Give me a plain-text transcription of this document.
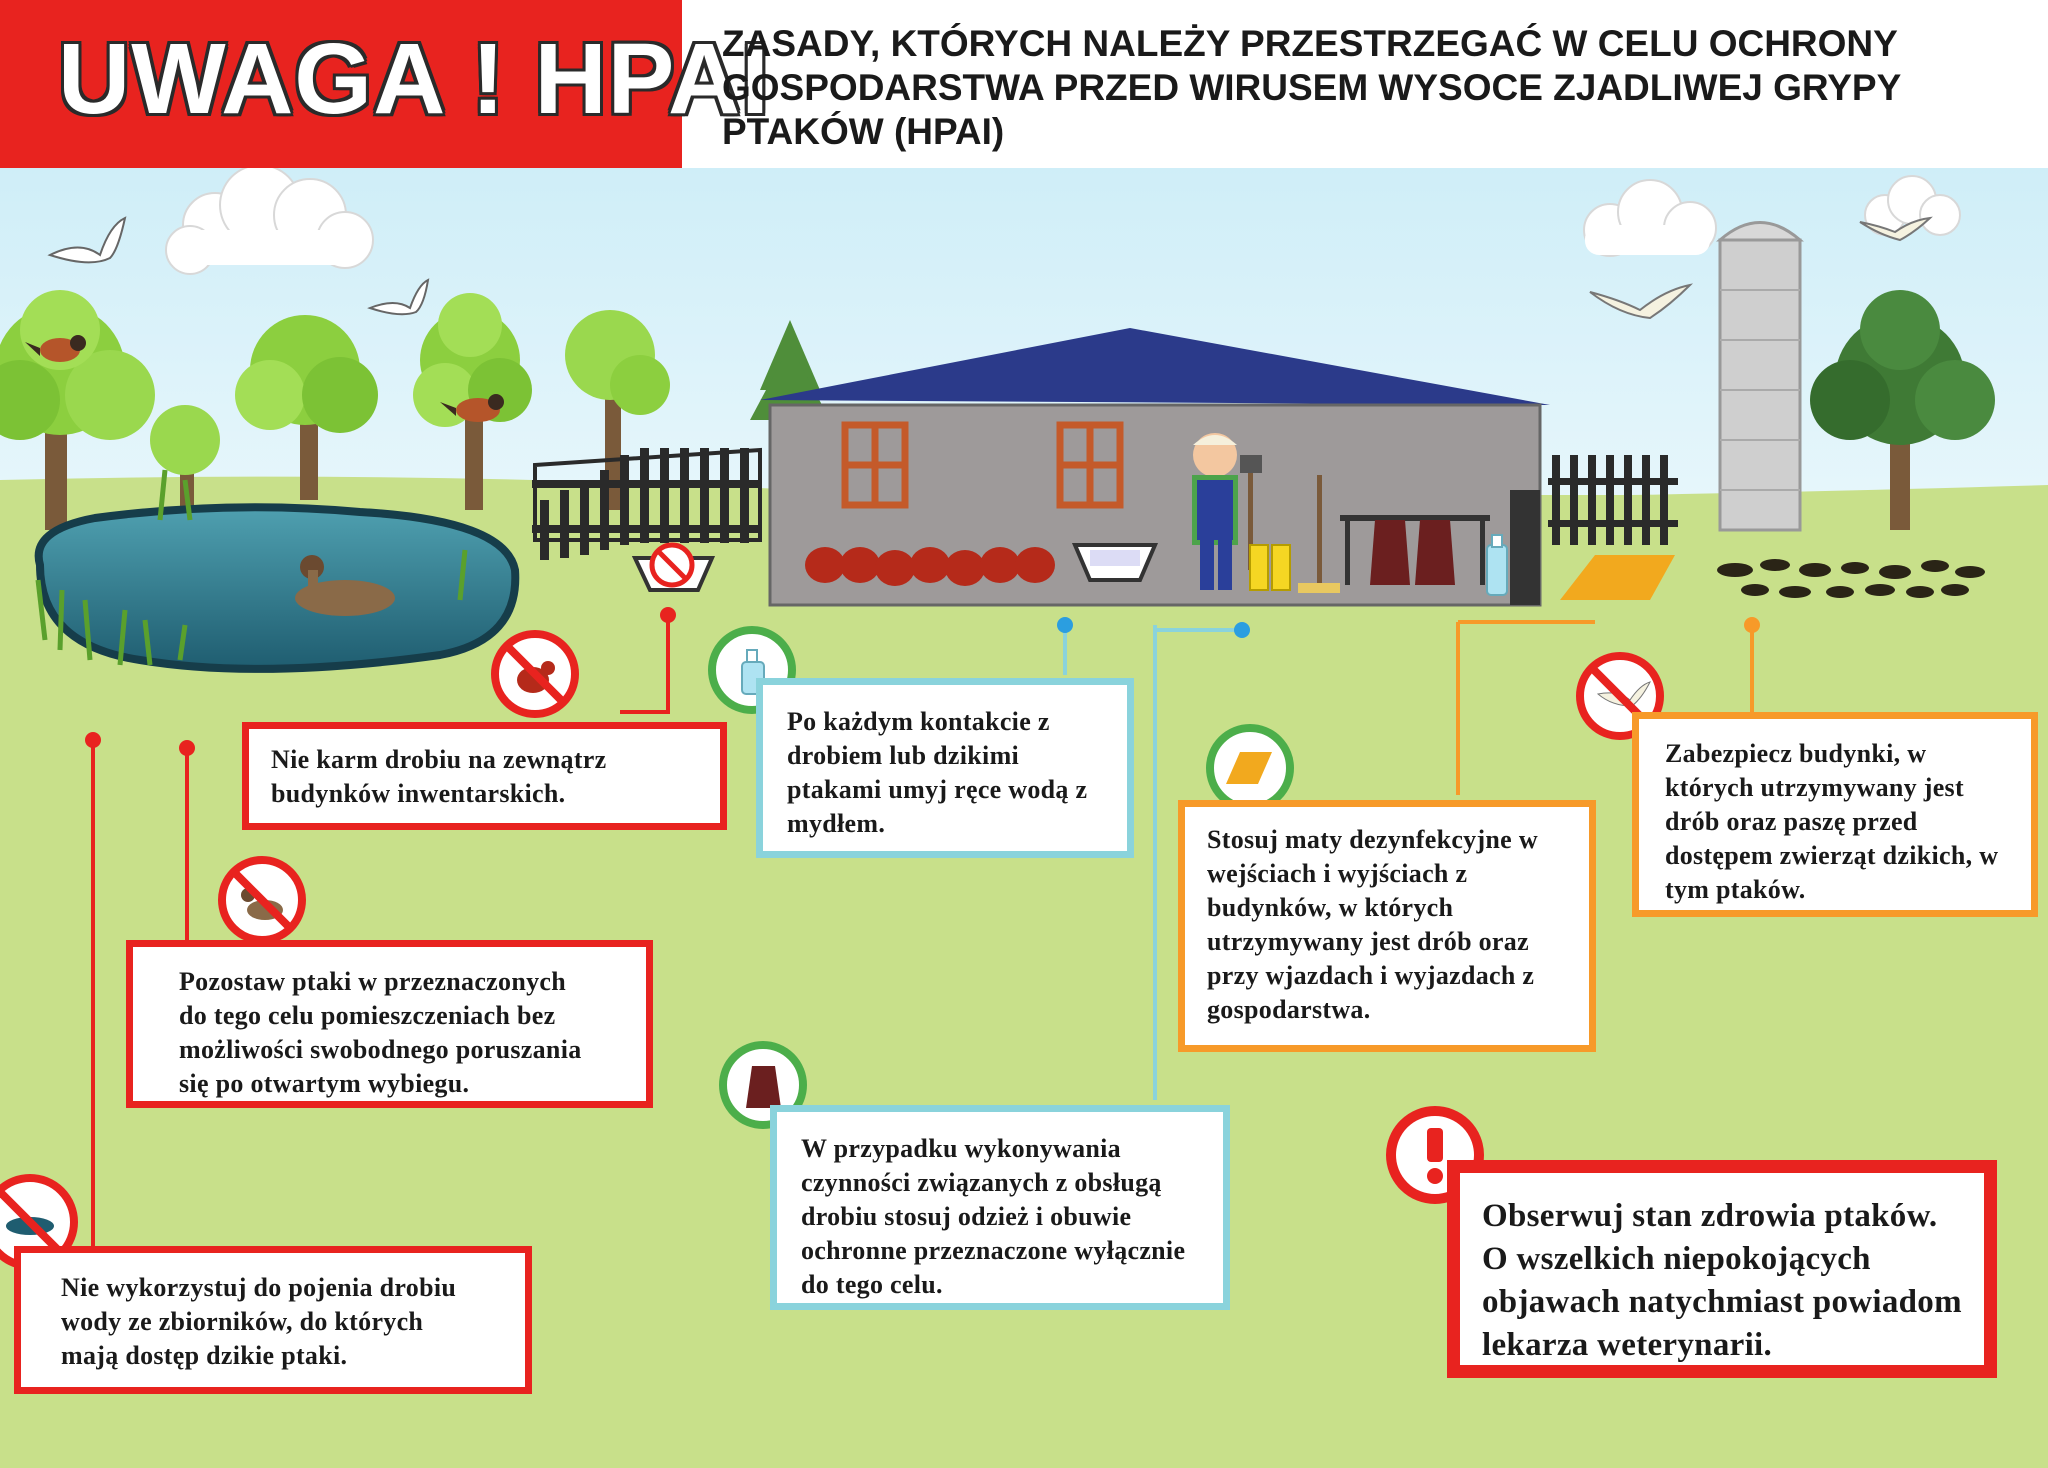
UWAGA ! HPAI
ZASADY, KTÓRYCH NALEŻY PRZESTRZEGAĆ W CELU OCHRONY GOSPODARSTWA PRZED WIRUSEM WYSOCE ZJADLIWEJ GRYPY PTAKÓW (HPAI)

Nie karm drobiu na zewnątrz budynków inwentarskich.

Pozostaw ptaki w przeznaczonych do tego celu pomieszczeniach bez możliwości swobodnego poruszania się po otwartym wybiegu.

Nie wykorzystuj do pojenia drobiu wody ze zbiorników, do których mają dostęp dzikie ptaki.

Po każdym kontakcie z drobiem lub dzikimi ptakami umyj ręce wodą z mydłem.

W przypadku wykonywania czynności związanych z obsługą drobiu stosuj odzież i obuwie ochronne przeznaczone wyłącznie do tego celu.

Stosuj maty dezynfekcyjne w wejściach i wyjściach z budynków, w których utrzymywany jest drób oraz przy wjazdach i wyjazdach z gospodarstwa.

Zabezpiecz budynki, w których utrzymywany jest drób oraz paszę przed dostępem zwierząt dzikich, w tym ptaków.

Obserwuj stan zdrowia ptaków. O wszelkich niepokojących objawach natychmiast powiadom lekarza weterynarii.
